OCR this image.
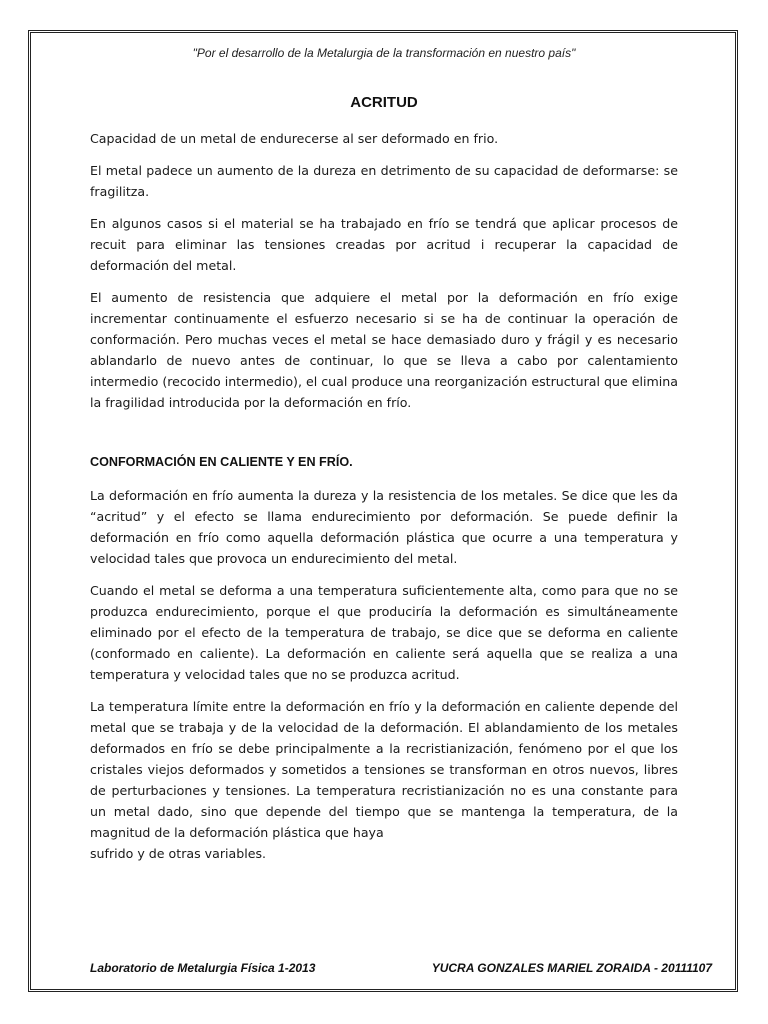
"Por el desarrollo de la Metalurgia de la transformación en nuestro país"
ACRITUD

Capacidad de un metal de endurecerse al ser deformado en frio.

El metal padece un aumento de la dureza en detrimento de su capacidad de deformarse: se fragilitza.

En algunos casos si el material se ha trabajado en frío se tendrá que aplicar procesos de recuit para eliminar las tensiones creadas por acritud i recuperar la capacidad de deformación del metal.

El aumento de resistencia que adquiere el metal por la deformación en frío exige incrementar continuamente el esfuerzo necesario si se ha de continuar la operación de conformación. Pero muchas veces el metal se hace demasiado duro y frágil y es necesario ablandarlo de nuevo antes de continuar, lo que se lleva a cabo por calentamiento intermedio (recocido intermedio), el cual produce una reorganización estructural que elimina la fragilidad introducida por la deformación en frío.

CONFORMACIÓN EN CALIENTE Y EN FRÍO.

La deformación en frío aumenta la dureza y la resistencia de los metales. Se dice que les da “acritud” y el efecto se llama endurecimiento por deformación. Se puede definir la deformación en frío como aquella deformación plástica que ocurre a una temperatura y velocidad tales que provoca un endurecimiento del metal.

Cuando el metal se deforma a una temperatura suficientemente alta, como para que no se produzca endurecimiento, porque el que produciría la deformación es simultáneamente eliminado por el efecto de la temperatura de trabajo, se dice que se deforma en caliente (conformado en caliente). La deformación en caliente será aquella que se realiza a una temperatura y velocidad tales que no se produzca acritud.

La temperatura límite entre la deformación en frío y la deformación en caliente depende del metal que se trabaja y de la velocidad de la deformación. El ablandamiento de los metales deformados en frío se debe principalmente a la recristianización, fenómeno por el que los cristales viejos deformados y sometidos a tensiones se transforman en otros nuevos, libres de perturbaciones y tensiones. La temperatura recristianización no es una constante para un metal dado, sino que depende del tiempo que se mantenga la temperatura, de la magnitud de la deformación plástica que haya

sufrido y de otras variables.

Laboratorio de Metalurgia Física 1-2013	YUCRA GONZALES MARIEL ZORAIDA - 20111107
